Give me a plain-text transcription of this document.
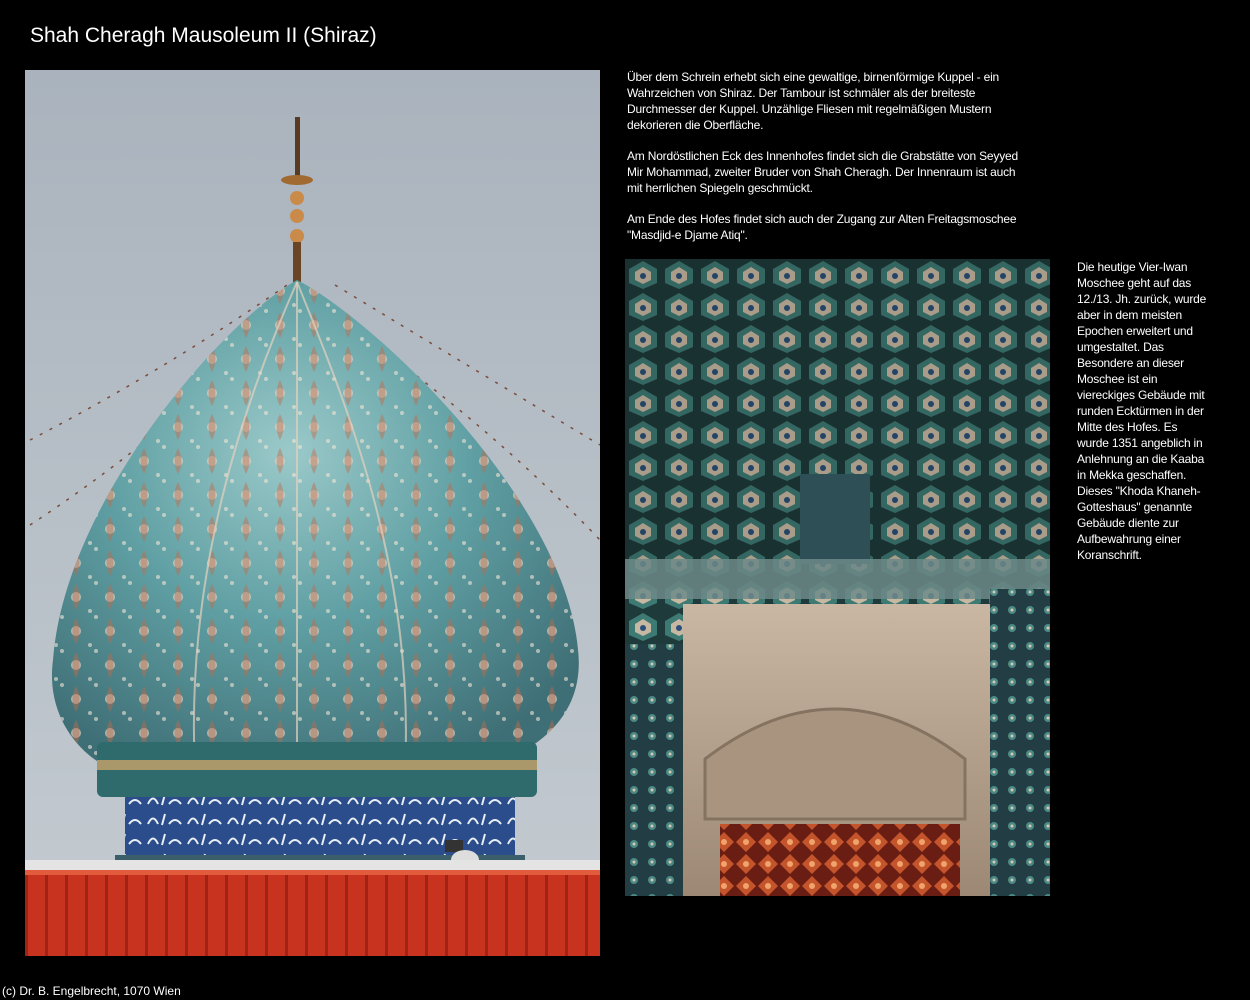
Shah Cheragh Mausoleum II (Shiraz)

Über dem Schrein erhebt sich eine gewaltige, birnenförmige Kuppel - ein Wahrzeichen von Shiraz. Der Tambour ist schmäler als der breiteste Durchmesser der Kuppel. Unzählige Fliesen mit regelmäßigen Mustern dekorieren die Oberfläche.

Am Nordöstlichen Eck des Innenhofes findet sich die Grabstätte von Seyyed Mir Mohammad, zweiter Bruder von Shah Cheragh. Der Innenraum ist auch mit herrlichen Spiegeln geschmückt.

Am Ende des Hofes findet sich auch der Zugang zur Alten Freitagsmoschee "Masdjid-e Djame Atiq".

Die heutige Vier-Iwan Moschee geht auf das 12./13. Jh. zurück, wurde aber in dem meisten Epochen erweitert und umgestaltet. Das Besondere an dieser Moschee ist ein viereckiges Gebäude mit runden Ecktürmen in der Mitte des Hofes. Es wurde 1351 angeblich in Anlehnung an die Kaaba in Mekka geschaffen. Dieses "Khoda Khaneh-Gotteshaus" genannte Gebäude diente zur Aufbewahrung einer Koranschrift.

(c) Dr. B. Engelbrecht, 1070 Wien
